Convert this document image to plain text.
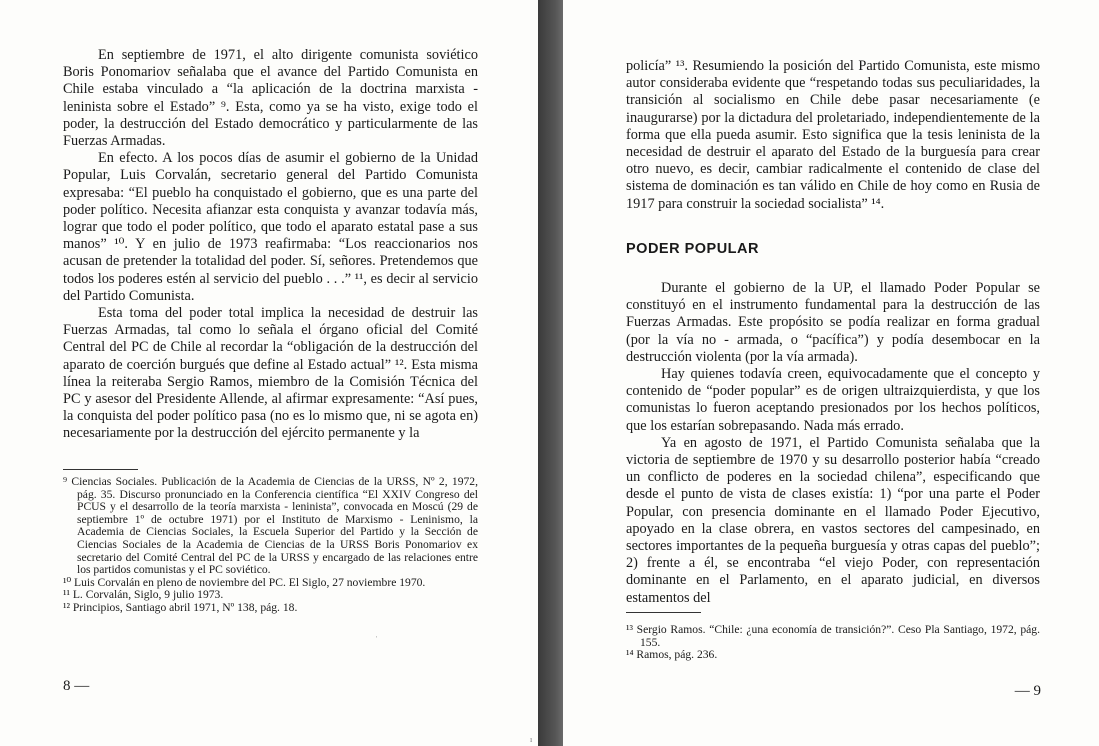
En septiembre de 1971, el alto dirigente comunista soviético Boris Ponomariov señalaba que el avance del Partido Comunista en Chile estaba vinculado a “la aplicación de la doctrina marxista - leninista sobre el Estado” ⁹. Esta, como ya se ha visto, exige todo el poder, la destrucción del Estado democrático y particularmente de las Fuerzas Armadas.

En efecto. A los pocos días de asumir el gobierno de la Unidad Popular, Luis Corvalán, secretario general del Partido Comunista expresaba: “El pueblo ha conquistado el gobierno, que es una parte del poder político. Necesita afianzar esta conquista y avanzar todavía más, lograr que todo el poder político, que todo el aparato estatal pase a sus manos” ¹⁰. Y en julio de 1973 reafirmaba: “Los reaccionarios nos acusan de pretender la totalidad del poder. Sí, señores. Pretendemos que todos los poderes estén al servicio del pueblo . . .” ¹¹, es decir al servicio del Partido Comunista.

Esta toma del poder total implica la necesidad de destruir las Fuerzas Armadas, tal como lo señala el órgano oficial del Comité Central del PC de Chile al recordar la “obligación de la destrucción del aparato de coerción burgués que define al Estado actual” ¹². Esta misma línea la reiteraba Sergio Ramos, miembro de la Comisión Técnica del PC y asesor del Presidente Allende, al afirmar expresamente: “Así pues, la conquista del poder político pasa (no es lo mismo que, ni se agota en) necesariamente por la destrucción del ejército permanente y la

⁹ Ciencias Sociales. Publicación de la Academia de Ciencias de la URSS, Nº 2, 1972, pág. 35. Discurso pronunciado en la Conferencia científica “El XXIV Congreso del PCUS y el desarrollo de la teoría marxista - leninista”, convocada en Moscú (29 de septiembre 1º de octubre 1971) por el Instituto de Marxismo - Leninismo, la Academia de Ciencias Sociales, la Escuela Superior del Partido y la Sección de Ciencias Sociales de la Academia de Ciencias de la URSS Boris Ponomariov ex secretario del Comité Central del PC de la URSS y encargado de las relaciones entre los partidos comunistas y el PC soviético.

¹⁰ Luis Corvalán en pleno de noviembre del PC. El Siglo, 27 noviembre 1970.

¹¹ L. Corvalán, Siglo, 9 julio 1973.

¹² Principios, Santiago abril 1971, Nº 138, pág. 18.

ˈ
8 —
ı

policía” ¹³. Resumiendo la posición del Partido Comunista, este mismo autor consideraba evidente que “respetando todas sus peculiaridades, la transición al socialismo en Chile debe pasar necesariamente (e inaugurarse) por la dictadura del proletariado, independientemente de la forma que ella pueda asumir. Esto significa que la tesis leninista de la necesidad de destruir el aparato del Estado de la burguesía para crear otro nuevo, es decir, cambiar radicalmente el contenido de clase del sistema de dominación es tan válido en Chile de hoy como en Rusia de 1917 para construir la sociedad socialista” ¹⁴.

PODER POPULAR

Durante el gobierno de la UP, el llamado Poder Popular se constituyó en el instrumento fundamental para la destrucción de las Fuerzas Armadas. Este propósito se podía realizar en forma gradual (por la vía no - armada, o “pacífica”) y podía desembocar en la destrucción violenta (por la vía armada).

Hay quienes todavía creen, equivocadamente que el concepto y contenido de “poder popular” es de origen ultraizquierdista, y que los comunistas lo fueron aceptando presionados por los hechos políticos, que los estarían sobrepasando. Nada más errado.

Ya en agosto de 1971, el Partido Comunista señalaba que la victoria de septiembre de 1970 y su desarrollo posterior había “creado un conflicto de poderes en la sociedad chilena”, especificando que desde el punto de vista de clases existía: 1) “por una parte el Poder Popular, con presencia dominante en el llamado Poder Ejecutivo, apoyado en la clase obrera, en vastos sectores del campesinado, en sectores importantes de la pequeña burguesía y otras capas del pueblo”; 2) frente a él, se encontraba “el viejo Poder, con representación dominante en el Parlamento, en el aparato judicial, en diversos estamentos del

¹³ Sergio Ramos. “Chile: ¿una economía de transición?”. Ceso Pla Santiago, 1972, pág. 155.

¹⁴ Ramos, pág. 236.

— 9
